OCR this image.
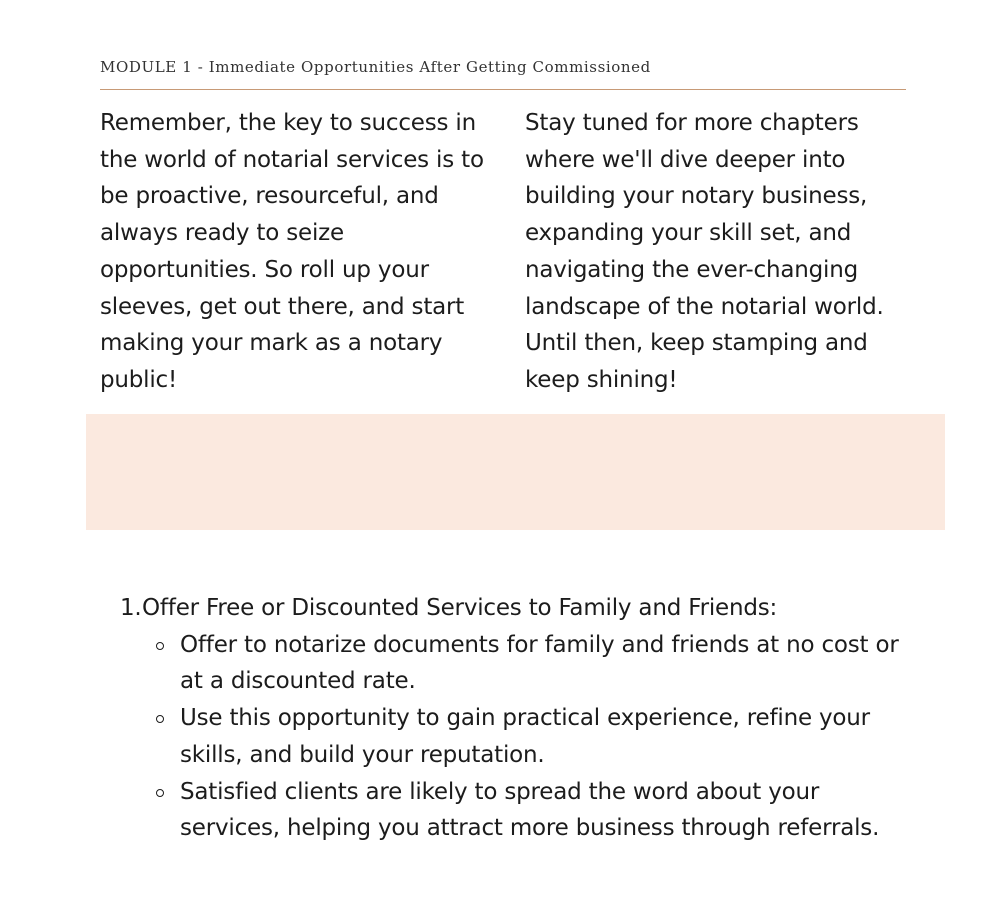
MODULE 1 - Immediate Opportunities After Getting Commissioned
Remember, the key to success in the world of notarial services is to be proactive, resourceful, and always ready to seize opportunities. So roll up your sleeves, get out there, and start making your mark as a notary public!
Stay tuned for more chapters where we'll dive deeper into building your notary business, expanding your skill set, and navigating the ever-changing landscape of the notarial world. Until then, keep stamping and keep shining!
1. Offer Free or Discounted Services to Family and Friends:
Offer to notarize documents for family and friends at no cost or at a discounted rate.
Use this opportunity to gain practical experience, refine your skills, and build your reputation.
Satisfied clients are likely to spread the word about your services, helping you attract more business through referrals.
